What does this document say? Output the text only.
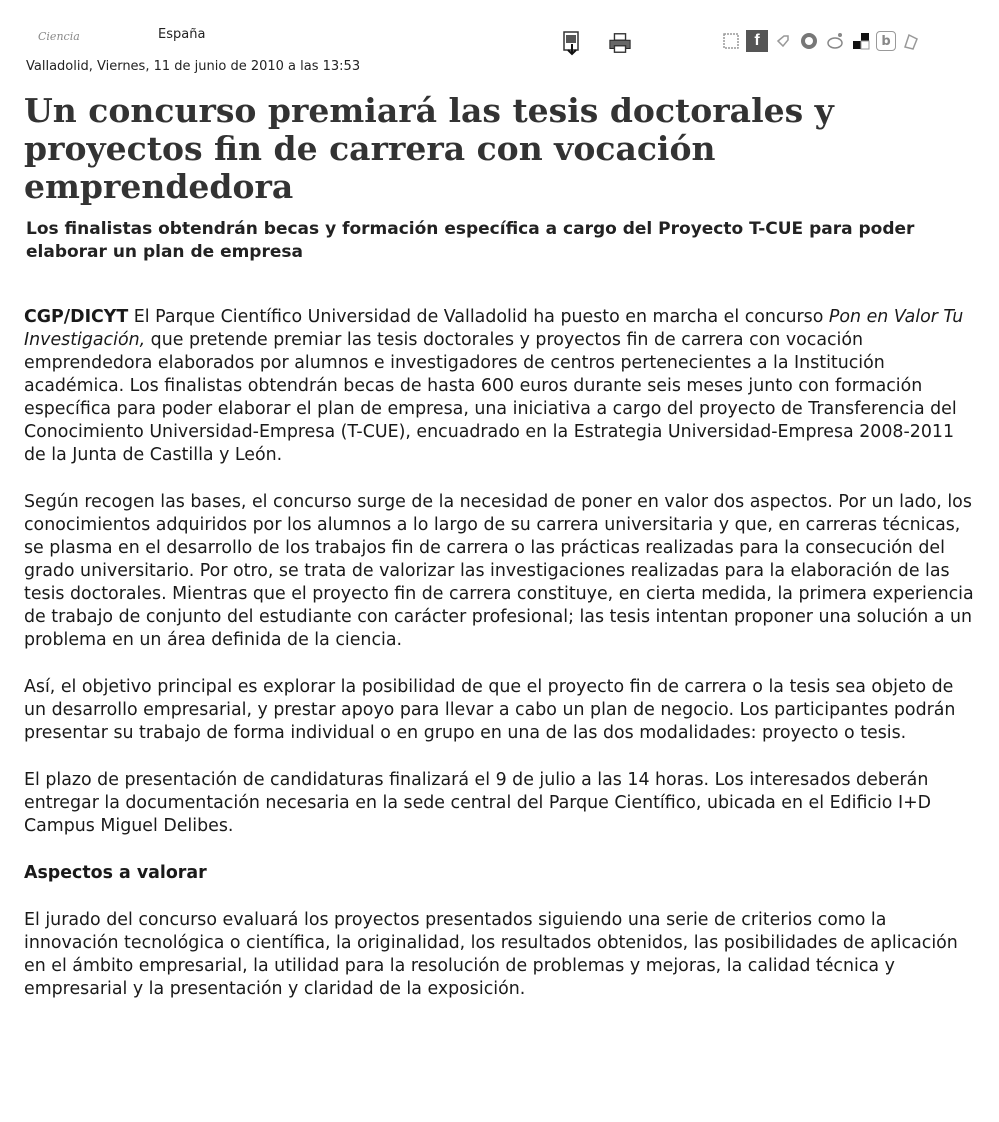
Ciencia	España
Valladolid, Viernes, 11 de junio de 2010 a las 13:53
f	b
Un concurso premiará las tesis doctorales y proyectos fin de carrera con vocación emprendedora
Los finalistas obtendrán becas y formación específica a cargo del Proyecto T-CUE para poder elaborar un plan de empresa

CGP/DICYT El Parque Científico Universidad de Valladolid ha puesto en marcha el concurso Pon en Valor Tu Investigación, que pretende premiar las tesis doctorales y proyectos fin de carrera con vocación emprendedora elaborados por alumnos e investigadores de centros pertenecientes a la Institución académica. Los finalistas obtendrán becas de hasta 600 euros durante seis meses junto con formación específica para poder elaborar el plan de empresa, una iniciativa a cargo del proyecto de Transferencia del Conocimiento Universidad-Empresa (T-CUE), encuadrado en la Estrategia Universidad-Empresa 2008-2011 de la Junta de Castilla y León.

Según recogen las bases, el concurso surge de la necesidad de poner en valor dos aspectos. Por un lado, los conocimientos adquiridos por los alumnos a lo largo de su carrera universitaria y que, en carreras técnicas, se plasma en el desarrollo de los trabajos fin de carrera o las prácticas realizadas para la consecución del grado universitario. Por otro, se trata de valorizar las investigaciones realizadas para la elaboración de las tesis doctorales. Mientras que el proyecto fin de carrera constituye, en cierta medida, la primera experiencia de trabajo de conjunto del estudiante con carácter profesional; las tesis intentan proponer una solución a un problema en un área definida de la ciencia.

Así, el objetivo principal es explorar la posibilidad de que el proyecto fin de carrera o la tesis sea objeto de un desarrollo empresarial, y prestar apoyo para llevar a cabo un plan de negocio. Los participantes podrán presentar su trabajo de forma individual o en grupo en una de las dos modalidades: proyecto o tesis.

El plazo de presentación de candidaturas finalizará el 9 de julio a las 14 horas. Los interesados deberán entregar la documentación necesaria en la sede central del Parque Científico, ubicada en el Edificio I+D Campus Miguel Delibes.

Aspectos a valorar

El jurado del concurso evaluará los proyectos presentados siguiendo una serie de criterios como la innovación tecnológica o científica, la originalidad, los resultados obtenidos, las posibilidades de aplicación en el ámbito empresarial, la utilidad para la resolución de problemas y mejoras, la calidad técnica y empresarial y la presentación y claridad de la exposición.
